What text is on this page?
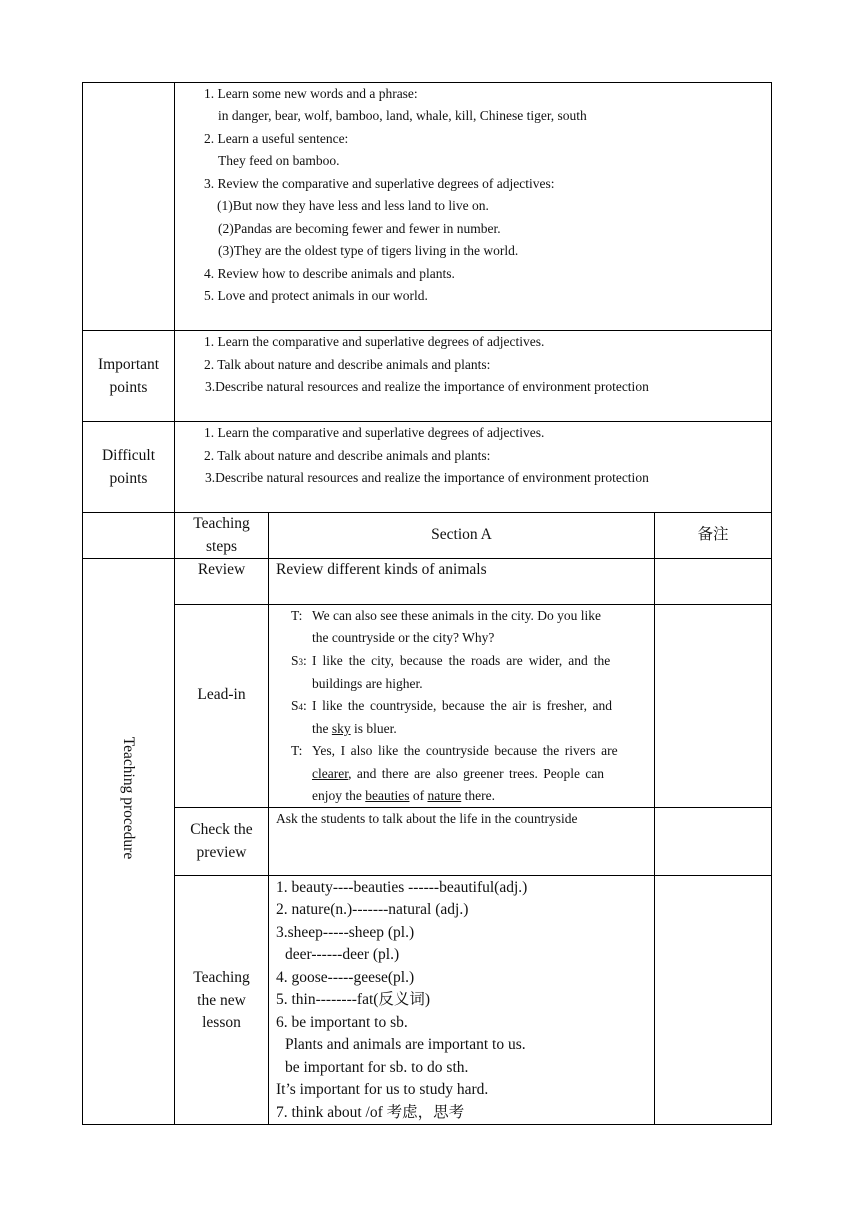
1. Learn some new words and a phrase:
in danger, bear, wolf, bamboo, land, whale, kill, Chinese tiger, south
2. Learn a useful sentence:
They feed on bamboo.
3. Review the comparative and superlative degrees of adjectives:
(1)But now they have less and less land to live on.
(2)Pandas are becoming fewer and fewer in number.
(3)They are the oldest type of tigers living in the world.
4. Review how to describe animals and plants.
5. Love and protect animals in our world.
Important
points
1. Learn the comparative and superlative degrees of adjectives.
2. Talk about nature and describe animals and plants:
3.Describe natural resources and realize the importance of environment protection
Difficult
points
1. Learn the comparative and superlative degrees of adjectives.
2. Talk about nature and describe animals and plants:
3.Describe natural resources and realize the importance of environment protection
Teaching
steps
Section A	备注
Teaching procedure
Review	Review different kinds of animals
Lead-in
T: We can also see these animals in the city. Do you like
the countryside or the city? Why?
S3: I like the city, because the roads are wider, and the
buildings are higher.
S4: I like the countryside, because the air is fresher, and
the sky is bluer.
T: Yes, I also like the countryside because the rivers are
clearer, and there are also greener trees. People can
enjoy the beauties of nature there.
Check the
preview
Ask the students to talk about the life in the countryside
Teaching
the new
lesson
1. beauty----beauties ------beautiful(adj.)
2. nature(n.)-------natural (adj.)
3.sheep-----sheep (pl.)
deer------deer (pl.)
4. goose-----geese(pl.)
5. thin--------fat(反义词)
6. be important to sb.
Plants and animals are important to us.
be important for sb. to do sth.
It’s important for us to study hard.
7. think about /of 考虑，思考
